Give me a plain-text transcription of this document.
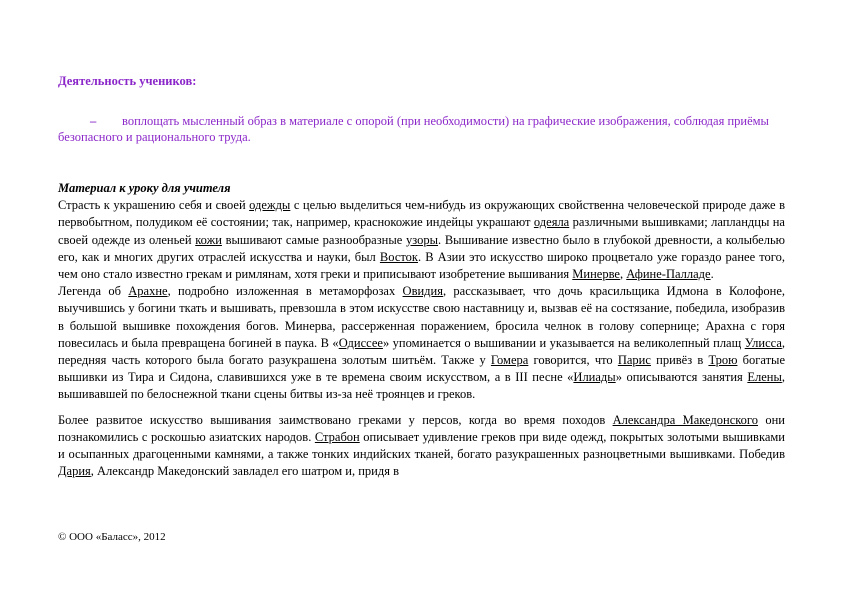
Деятельность учеников:

– воплощать мысленный образ в материале с опорой (при необходимости) на графические изображения, соблюдая приёмы безопасного и рационального труда.

Материал к уроку для учителя

Страсть к украшению себя и своей одежды с целью выделиться чем-нибудь из окружающих свойственна человеческой природе даже в первобытном, полудиком её состоянии; так, например, краснокожие индейцы украшают одеяла различными вышивками; лапландцы на своей одежде из оленьей кожи вышивают самые разнообразные узоры. Вышивание известно было в глубокой древности, а колыбелью его, как и многих других отраслей искусства и науки, был Восток. В Азии это искусство широко процветало уже гораздо ранее того, чем оно стало известно грекам и римлянам, хотя греки и приписывают изобретение вышивания Минерве, Афине-Палладе.

Легенда об Арахне, подробно изложенная в метаморфозах Овидия, рассказывает, что дочь красильщика Идмона в Колофоне, выучившись у богини ткать и вышивать, превзошла в этом искусстве свою наставницу и, вызвав её на состязание, победила, изобразив в большой вышивке похождения богов. Минерва, рассерженная поражением, бросила челнок в голову сопернице; Арахна с горя повесилась и была превращена богиней в паука. В «Одиссее» упоминается о вышивании и указывается на великолепный плащ Улисса, передняя часть которого была богато разукрашена золотым шитьём. Также у Гомера говорится, что Парис привёз в Трою богатые вышивки из Тира и Сидона, славившихся уже в те времена своим искусством, а в III песне «Илиады» описываются занятия Елены, вышивавшей по белоснежной ткани сцены битвы из-за неё троянцев и греков.

Более развитое искусство вышивания заимствовано греками у персов, когда во время походов Александра Македонского они познакомились с роскошью азиатских народов. Страбон описывает удивление греков при виде одежд, покрытых золотыми вышивками и осыпанных драгоценными камнями, а также тонких индийских тканей, богато разукрашенных разноцветными вышивками. Победив Дария, Александр Македонский завладел его шатром и, придя в

© ООО «Баласс», 2012
